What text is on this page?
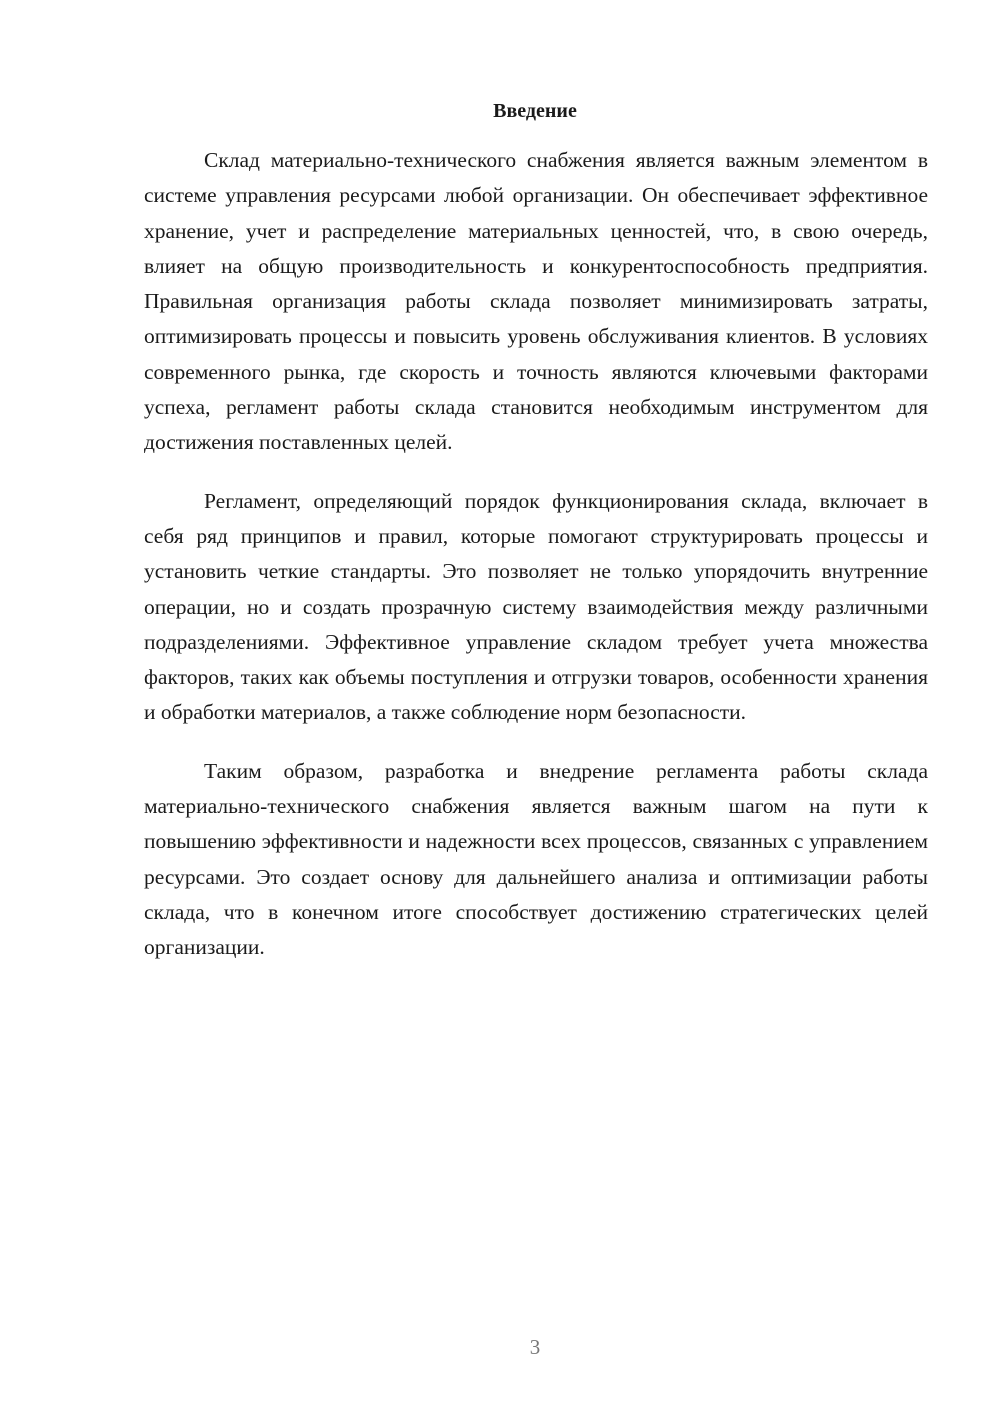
Введение

Склад материально-технического снабжения является важным элементом в системе управления ресурсами любой организации. Он обеспечивает эффективное хранение, учет и распределение материальных ценностей, что, в свою очередь, влияет на общую производительность и конкурентоспособность предприятия. Правильная организация работы склада позволяет минимизировать затраты, оптимизировать процессы и повысить уровень обслуживания клиентов. В условиях современного рынка, где скорость и точность являются ключевыми факторами успеха, регламент работы склада становится необходимым инструментом для достижения поставленных целей.

Регламент, определяющий порядок функционирования склада, включает в себя ряд принципов и правил, которые помогают структурировать процессы и установить четкие стандарты. Это позволяет не только упорядочить внутренние операции, но и создать прозрачную систему взаимодействия между различными подразделениями. Эффективное управление складом требует учета множества факторов, таких как объемы поступления и отгрузки товаров, особенности хранения и обработки материалов, а также соблюдение норм безопасности.

Таким образом, разработка и внедрение регламента работы склада материально-технического снабжения является важным шагом на пути к повышению эффективности и надежности всех процессов, связанных с управлением ресурсами. Это создает основу для дальнейшего анализа и оптимизации работы склада, что в конечном итоге способствует достижению стратегических целей организации.

3
